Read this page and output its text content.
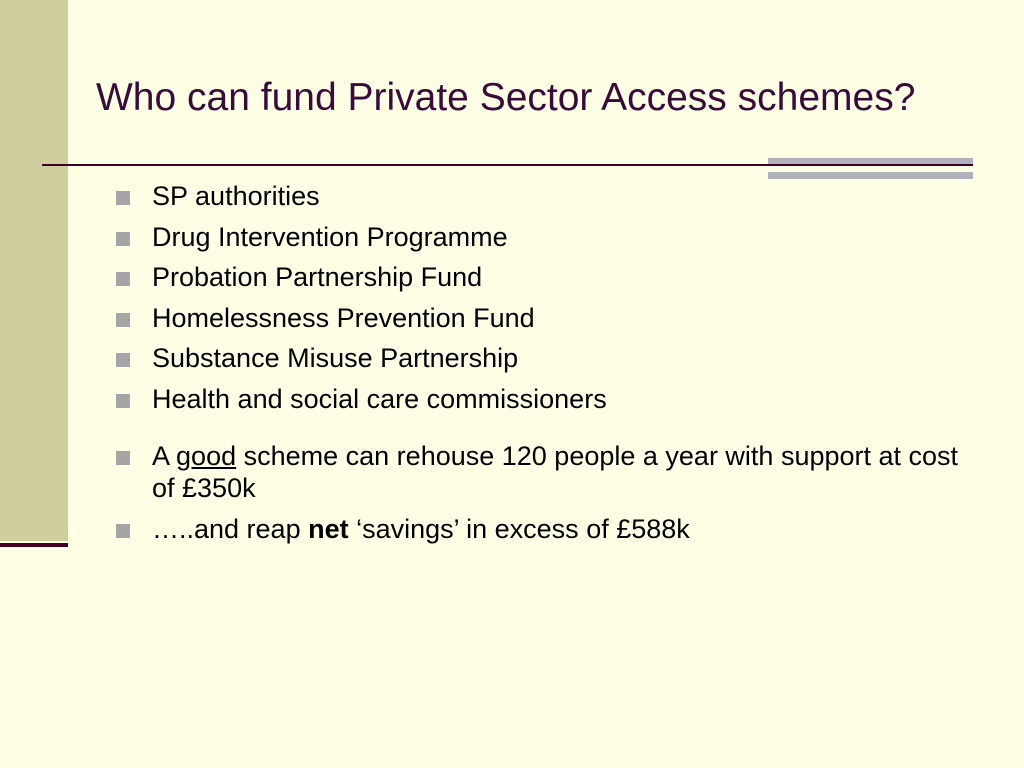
Who can fund Private Sector Access schemes?
SP authorities
Drug Intervention Programme
Probation Partnership Fund
Homelessness Prevention Fund
Substance Misuse Partnership
Health and social care commissioners
A good scheme can rehouse 120 people a year with support at cost of £350k
…..and reap net ‘savings’ in excess of £588k
